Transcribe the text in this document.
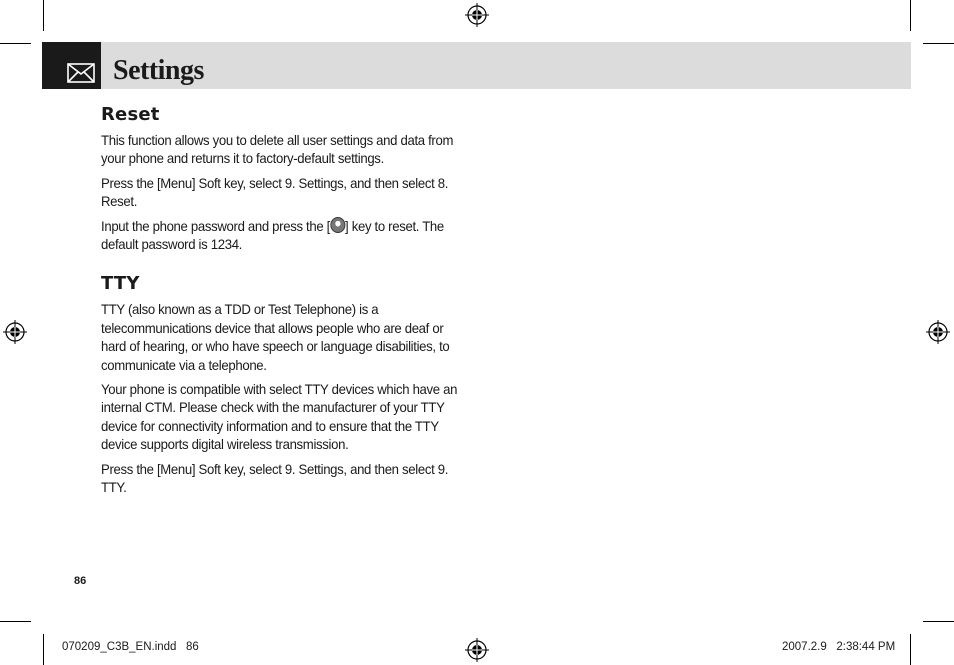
Settings
Reset

This function allows you to delete all user settings and data from your phone and returns it to factory-default settings.

Press the [Menu] Soft key, select 9. Settings, and then select 8. Reset.

Input the phone password and press the [ ] key to reset. The default password is 1234.

TTY

TTY (also known as a TDD or Test Telephone) is a telecommunications device that allows people who are deaf or hard of hearing, or who have speech or language disabilities, to communicate via a telephone.

Your phone is compatible with select TTY devices which have an internal CTM. Please check with the manufacturer of your TTY device for connectivity information and to ensure that the TTY device supports digital wireless transmission.

Press the [Menu] Soft key, select 9. Settings, and then select 9. TTY.

86
070209_C3B_EN.indd   86	2007.2.9   2:38:44 PM
